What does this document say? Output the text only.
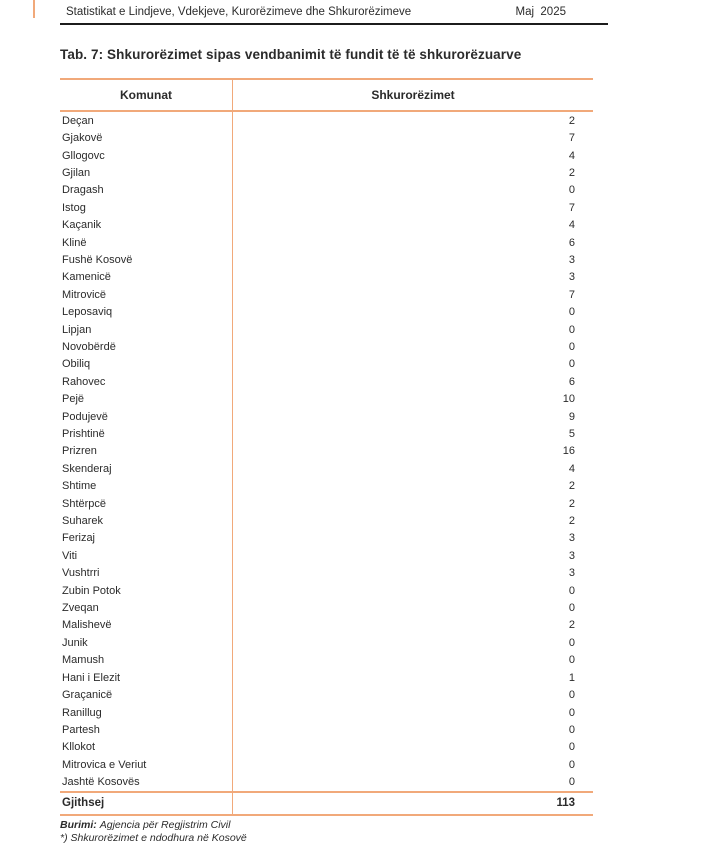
Statistikat e Lindjeve, Vdekjeve, Kurorëzimeve dhe Shkurorëzimeve	Maj  2025
Tab. 7: Shkurorëzimet sipas vendbanimit të fundit të të shkurorëzuarve
Komunat	Shkurorëzimet
Deçan	2
Gjakovë	7
Gllogovc	4
Gjilan	2
Dragash	0
Istog	7
Kaçanik	4
Klinë	6
Fushë Kosovë	3
Kamenicë	3
Mitrovicë	7
Leposaviq	0
Lipjan	0
Novobërdë	0
Obiliq	0
Rahovec	6
Pejë	10
Podujevë	9
Prishtinë	5
Prizren	16
Skenderaj	4
Shtime	2
Shtërpcë	2
Suharek	2
Ferizaj	3
Viti	3
Vushtrri	3
Zubin Potok	0
Zveqan	0
Malishevë	2
Junik	0
Mamush	0
Hani i Elezit	1
Graçanicë	0
Ranillug	0
Partesh	0
Kllokot	0
Mitrovica e Veriut	0
Jashtë Kosovës	0
Gjithsej	113
Burimi: Agjencia për Regjistrim Civil
*) Shkurorëzimet e ndodhura në Kosovë
